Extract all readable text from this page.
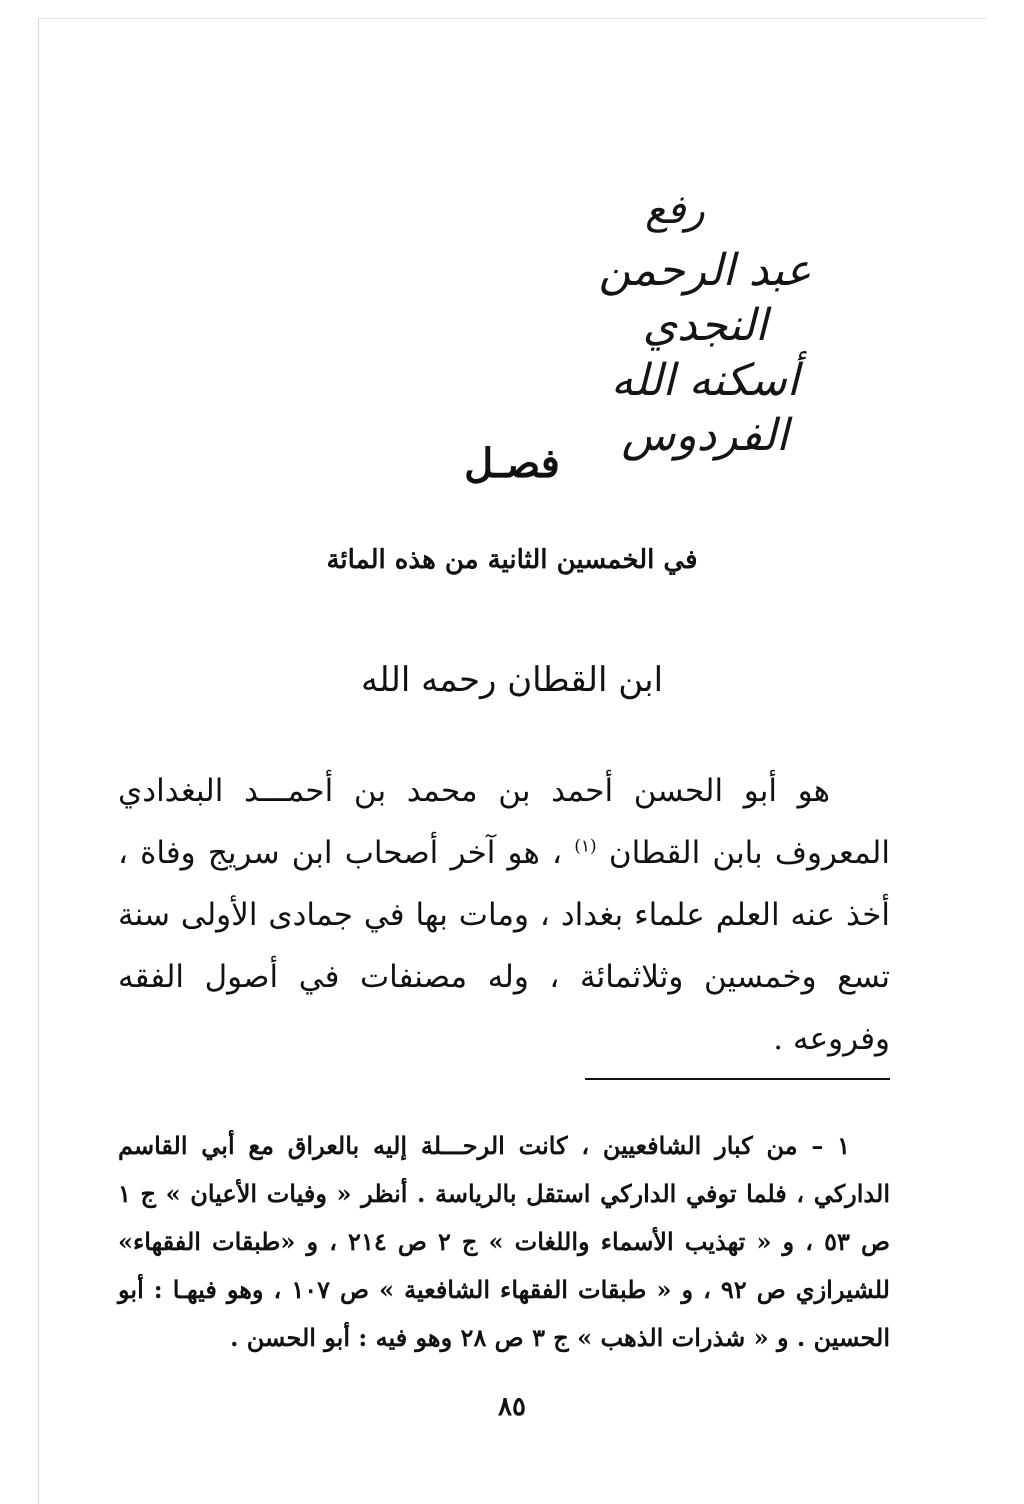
رفع
عبد الرحمن النجدي
أسكنه الله الفردوس
فصـل
في الخمسين الثانية من هذه المائة
ابن القطان رحمه الله

هو أبو الحسن أحمد بن محمد بن أحمـــد البغدادي المعروف بابن القطان $^{(١)}$ ، هو آخر أصحاب ابن سريج وفاة ، أخذ عنه العلم علماء بغداد ، ومات بها في جمادى الأولى سنة تسع وخمسين وثلاثمائة ، وله مصنفات في أصول الفقه وفروعه .

١ – من كبار الشافعيين ، كانت الرحـــلة إليه بالعراق مع أبي القاسم الداركي ، فلما توفي الداركي استقل بالرياسة . أنظر « وفيات الأعيان » ج ١ ص ٥٣ ، و « تهذيب الأسماء واللغات » ج ٢ ص ٢١٤ ، و «طبقات الفقهاء» للشيرازي ص ٩٢ ، و « طبقات الفقهاء الشافعية » ص ١٠٧ ، وهو فيهـا : أبو الحسين . و « شذرات الذهب » ج ٣ ص ٢٨ وهو فيه : أبو الحسن .

٨٥
